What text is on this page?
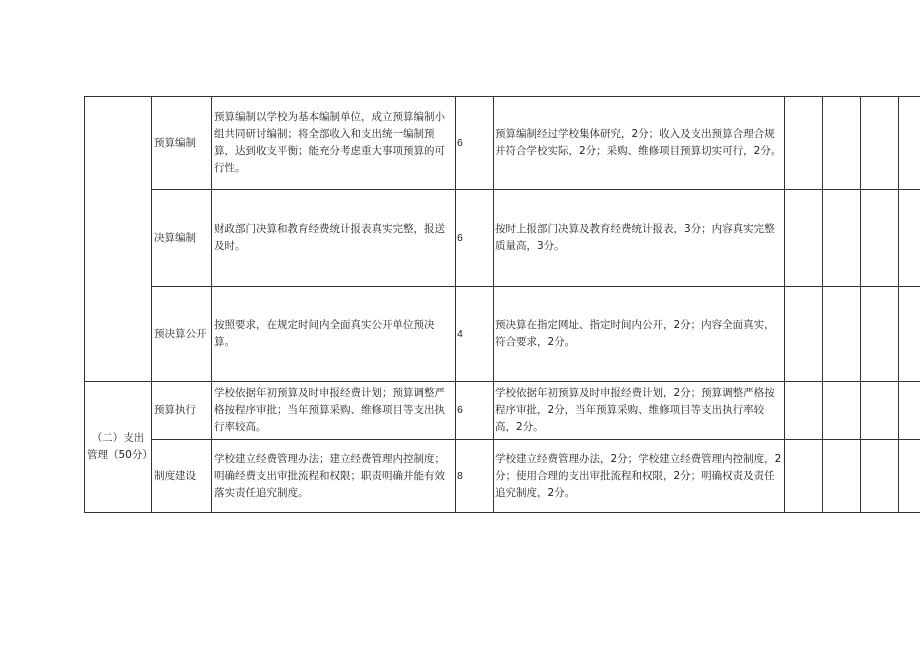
	预算编制	预算编制以学校为基本编制单位，成立预算编制小组共同研讨编制；将全部收入和支出统一编制预算，达到收支平衡；能充分考虑重大事项预算的可行性。	6	预算编制经过学校集体研究，2分；收入及支出预算合理合规并符合学校实际，2分；采购、维修项目预算切实可行，2分。				

	决算编制	财政部门决算和教育经费统计报表真实完整，报送及时。	6	按时上报部门决算及教育经费统计报表，3分；内容真实完整质量高，3分。				

	预决算公开	按照要求，在规定时间内全面真实公开单位预决算。	4	预决算在指定网址、指定时间内公开，2分；内容全面真实，符合要求，2分。				

（二）支出管理（50分）	预算执行	学校依据年初预算及时申报经费计划；预算调整严格按程序审批；当年预算采购、维修项目等支出执行率较高。	6	学校依据年初预算及时申报经费计划，2分；预算调整严格按程序审批，2分，当年预算采购、维修项目等支出执行率较高，2分。				

	制度建设	学校建立经费管理办法；建立经费管理内控制度；明确经费支出审批流程和权限；职责明确并能有效落实责任追究制度。	8	学校建立经费管理办法，2分；学校建立经费管理内控制度，2分；使用合理的支出审批流程和权限，2分；明确权责及责任追究制度，2分。				
